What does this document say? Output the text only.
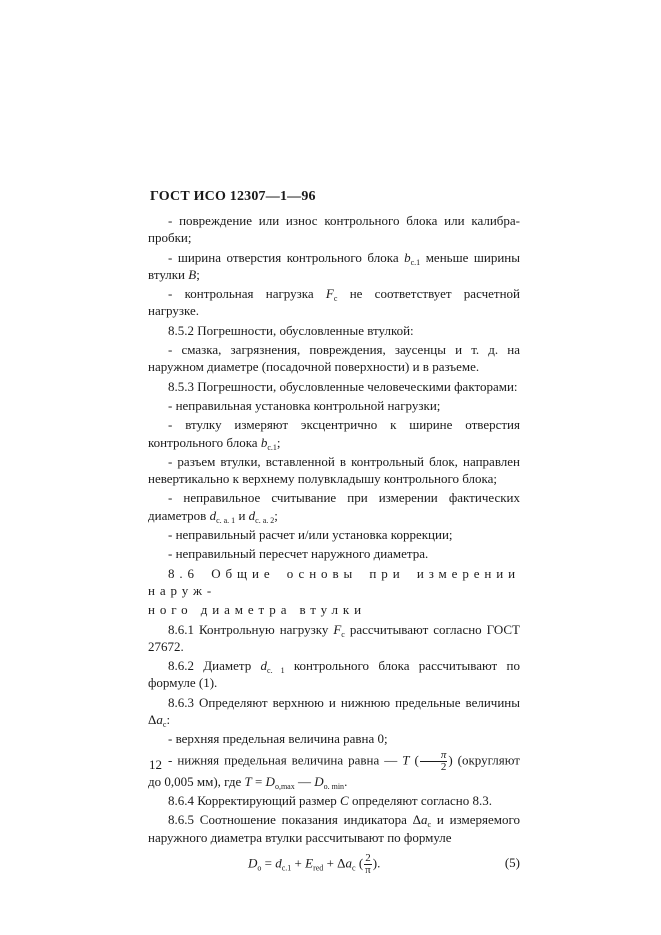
ГОСТ ИСО 12307—1—96

- повреждение или износ контрольного блока или калибра-пробки;

- ширина отверстия контрольного блока $b_{c.1}$ меньше ширины втулки B;

- контрольная нагрузка $F_c$ не соответствует расчетной нагрузке.

8.5.2 Погрешности, обусловленные втулкой:

- смазка, загрязнения, повреждения, заусенцы и т. д. на наружном диаметре (посадочной поверхности) и в разъеме.

8.5.3 Погрешности, обусловленные человеческими факторами:

- неправильная установка контрольной нагрузки;

- втулку измеряют эксцентрично к ширине отверстия контрольного блока $b_{c.1}$;

- разъем втулки, вставленной в контрольный блок, направлен невертикально к верхнему полувкладышу контрольного блока;

- неправильное считывание при измерении фактических диаметров $d_{c. a. 1}$ и $d_{c. a. 2}$;

- неправильный расчет и/или установка коррекции;

- неправильный пересчет наружного диаметра.

8.6 Общие основы при измерении наруж-

ного диаметра втулки

8.6.1 Контрольную нагрузку $F_c$ рассчитывают согласно ГОСТ 27672.

8.6.2 Диаметр $d_{c. 1}$ контрольного блока рассчитывают по формуле (1).

8.6.3 Определяют верхнюю и нижнюю предельные величины $\Delta a_c$:

- верхняя предельная величина равна 0;

- нижняя предельная величина равна — T ( $\frac{\pi}{2}$ ) (округляют до 0,005 мм), где $T = D_{o,max}$ — $D_{o. min}$.

8.6.4 Корректирующий размер C определяют согласно 8.3.

8.6.5 Соотношение показания индикатора $\Delta a_c$ и измеряемого наружного диаметра втулки рассчитывают по формуле

$D_o = d_{c.1} + E_{red} + \Delta a_c$ ( $\frac{2}{\pi}$ ).	(5)
12
